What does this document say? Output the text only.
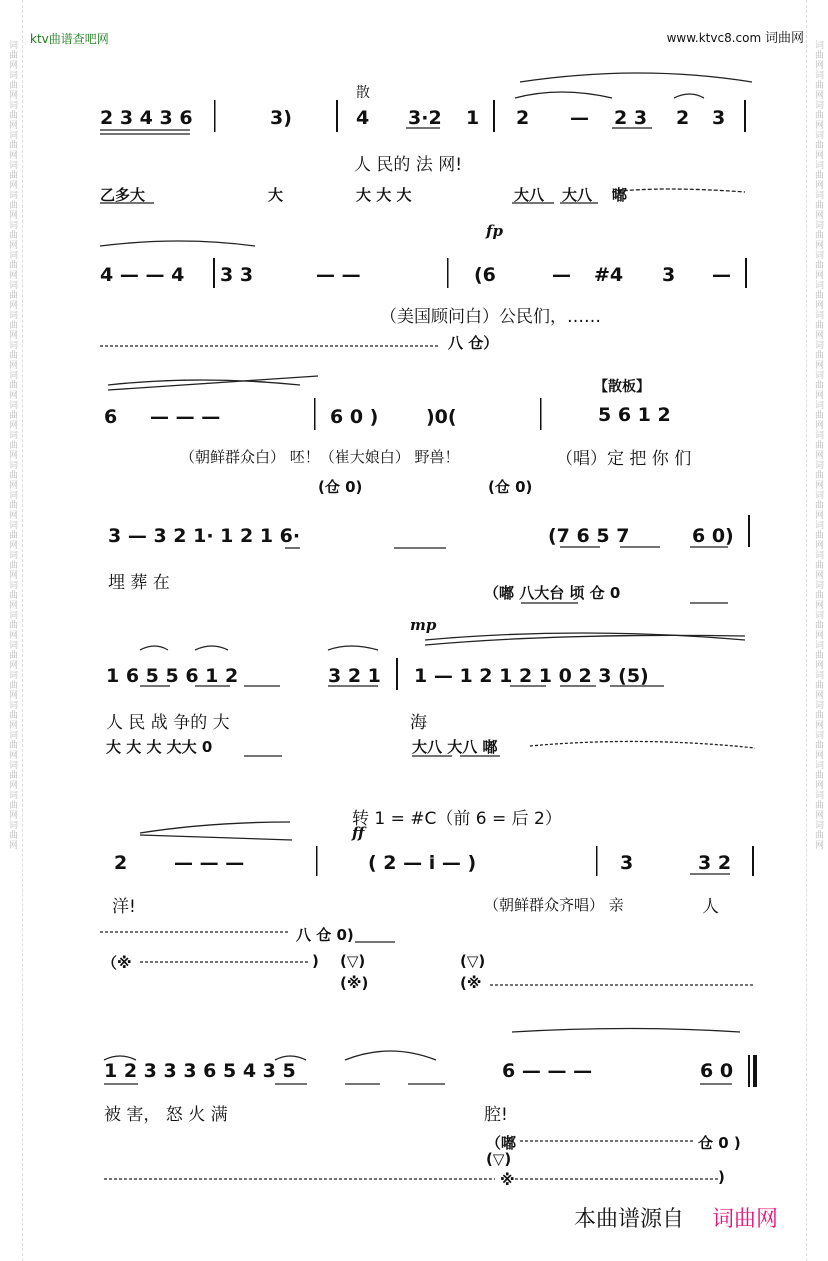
词曲网词曲网词曲网词曲网词曲网词曲网词曲网词曲网词曲网词曲网词曲网词曲网词曲网词曲网词曲网词曲网词曲网词曲网词曲网词曲网词曲网词曲网词曲网词曲网词曲网词曲网词曲网	词曲网词曲网词曲网词曲网词曲网词曲网词曲网词曲网词曲网词曲网词曲网词曲网词曲网词曲网词曲网词曲网词曲网词曲网词曲网词曲网词曲网词曲网词曲网词曲网词曲网词曲网词曲网
ktv曲谱查吧网	www.ktvc8.com 词曲网
散
2 3 4 3 6	3)	4 3·2 1 2 — 2 3 2 3
人 民的 法 网!
乙多大	大	大 大 大	大八 大八 嘟
4 — — 4 3 3	— —
fp
(6	— #4 3 —
（美国顾问白）公民们，……
八 仓）
【散板】
6 — — —	6 0 )	)0(	5 6 1 2
（朝鲜群众白） 呸！（崔大娘白） 野兽！	（唱）定 把 你 们
(仓 0)	(仓 0)
3 — 3 2 1· 1 2 1 6·	(7 6 5 7	6 0)
埋 葬 在	（嘟 八大台 顷 仓 0
mp
1 6 5 5 6 1 2	3 2 1 1 — 1 2 1 2 1 0 2 3 (5)
人 民 战 争的 大	海
大 大 大 大大 0	大八 大八 嘟
转 1 = #C（前 6 = 后 2）
ff
2 — — —	( 2 — i — )	3	3 2
洋!	（朝鲜群众齐唱） 亲	人
八 仓 0)
（※	) (▽)
(※)
(▽)
(※
1 2 3 3 3 6 5 4 3 5	6 — — —	6 0
被 害， 怒 火 满	腔!
（嘟	仓 0 )
(▽)
※	)
本曲谱源自 词曲网
